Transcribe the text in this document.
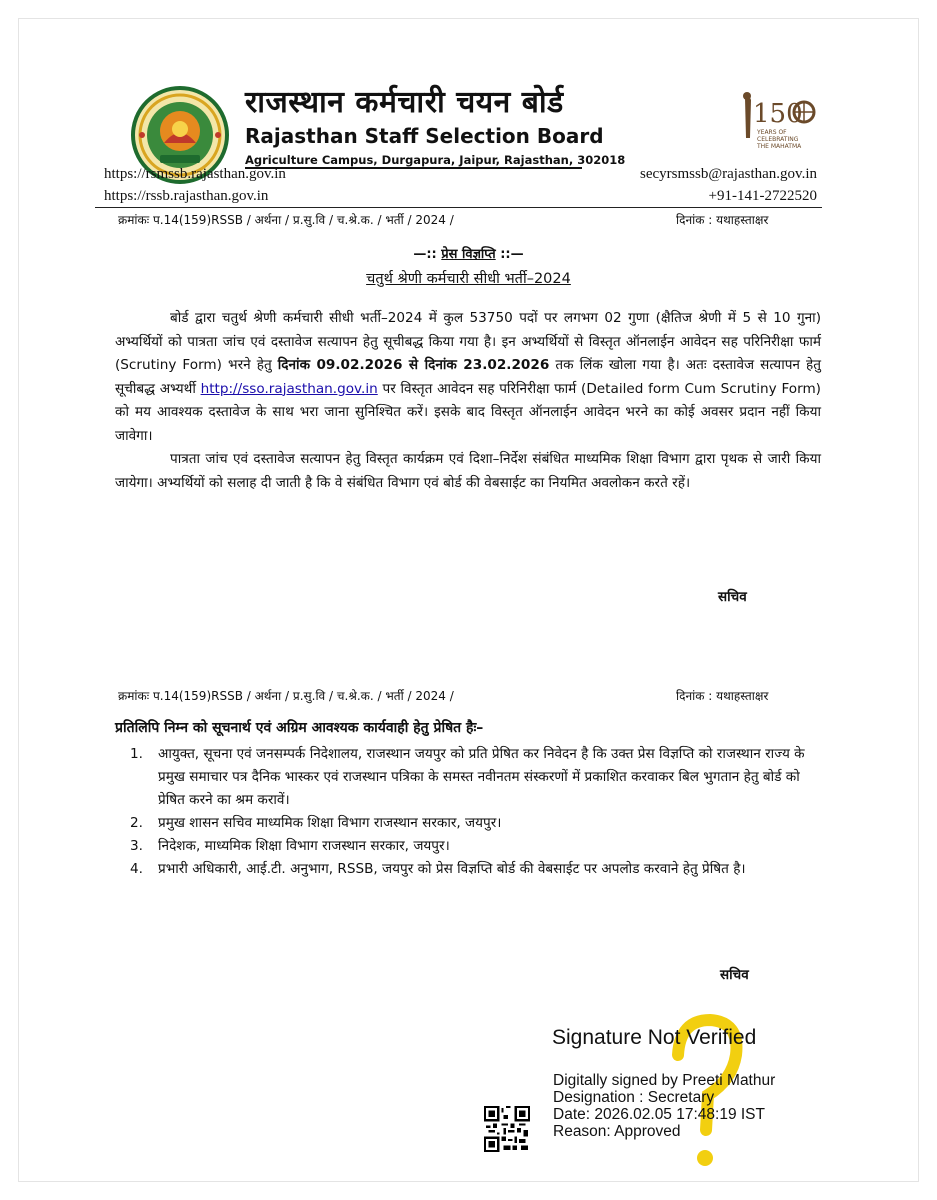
राजस्थान कर्मचारी चयन बोर्ड
Rajasthan Staff Selection Board
Agriculture Campus, Durgapura, Jaipur, Rajasthan, 302018
150
YEARS OF
CELEBRATING
THE MAHATMA
https://rsmssb.rajasthan.gov.in
https://rssb.rajasthan.gov.in
secyrsmssb@rajasthan.gov.in
+91-141-2722520
क्रमांकः प.14(159)RSSB / अर्थना / प्र.सु.वि / च.श्रे.क. / भर्ती / 2024 /	दिनांक : यथाहस्ताक्षर
—:: प्रेस विज्ञप्ति ::—
चतुर्थ श्रेणी कर्मचारी सीधी भर्ती–2024

बोर्ड द्वारा चतुर्थ श्रेणी कर्मचारी सीधी भर्ती–2024 में कुल 53750 पदों पर लगभग 02 गुणा (क्षैतिज श्रेणी में 5 से 10 गुना) अभ्यर्थियों को पात्रता जांच एवं दस्तावेज सत्यापन हेतु सूचीबद्ध किया गया है। इन अभ्यर्थियों से विस्तृत ऑनलाईन आवेदन सह परिनिरीक्षा फार्म (Scrutiny Form) भरने हेतु दिनांक 09.02.2026 से दिनांक 23.02.2026 तक लिंक खोला गया है। अतः दस्तावेज सत्यापन हेतु सूचीबद्ध अभ्यर्थी http://sso.rajasthan.gov.in पर विस्तृत आवेदन सह परिनिरीक्षा फार्म (Detailed form Cum Scrutiny Form) को मय आवश्यक दस्तावेज के साथ भरा जाना सुनिश्चित करें। इसके बाद विस्तृत ऑनलाईन आवेदन भरने का कोई अवसर प्रदान नहीं किया जावेगा।

पात्रता जांच एवं दस्तावेज सत्यापन हेतु विस्तृत कार्यक्रम एवं दिशा–निर्देश संबंधित माध्यमिक शिक्षा विभाग द्वारा पृथक से जारी किया जायेगा। अभ्यर्थियों को सलाह दी जाती है कि वे संबंधित विभाग एवं बोर्ड की वेबसाईट का नियमित अवलोकन करते रहें।

सचिव
क्रमांकः प.14(159)RSSB / अर्थना / प्र.सु.वि / च.श्रे.क. / भर्ती / 2024 /	दिनांक : यथाहस्ताक्षर
प्रतिलिपि निम्न को सूचनार्थ एवं अग्रिम आवश्यक कार्यवाही हेतु प्रेषित हैः–
1. आयुक्त, सूचना एवं जनसम्पर्क निदेशालय, राजस्थान जयपुर को प्रति प्रेषित कर निवेदन है कि उक्त प्रेस विज्ञप्ति को राजस्थान राज्य के प्रमुख समाचार पत्र दैनिक भास्कर एवं राजस्थान पत्रिका के समस्त नवीनतम संस्करणों में प्रकाशित करवाकर बिल भुगतान हेतु बोर्ड को प्रेषित करने का श्रम करावें।
2. प्रमुख शासन सचिव माध्यमिक शिक्षा विभाग राजस्थान सरकार, जयपुर।
3. निदेशक, माध्यमिक शिक्षा विभाग राजस्थान सरकार, जयपुर।
4. प्रभारी अधिकारी, आई.टी. अनुभाग, RSSB, जयपुर को प्रेस विज्ञप्ति बोर्ड की वेबसाईट पर अपलोड करवाने हेतु प्रेषित है।
सचिव
Signature Not Verified
Digitally signed by Preeti Mathur
Designation : Secretary
Date: 2026.02.05 17:48:19 IST
Reason: Approved
